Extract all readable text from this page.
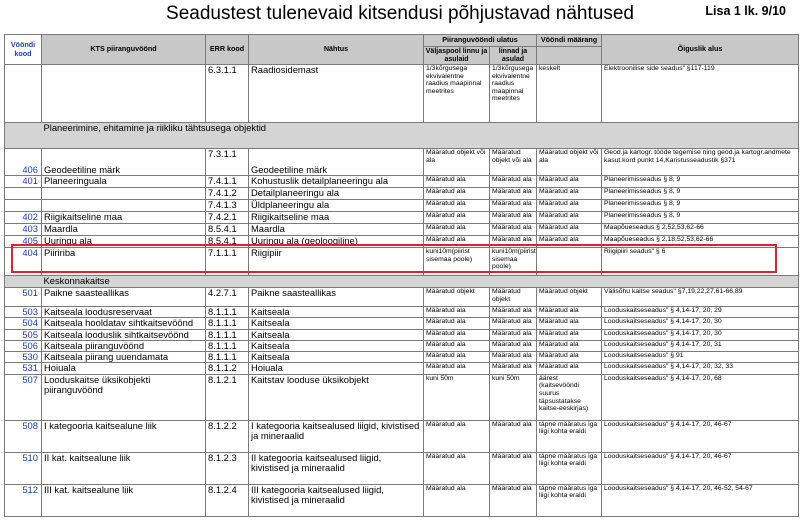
Seadustest tulenevaid kitsendusi põhjustavad nähtused	Lisa 1 lk. 9/10
Vööndi kood	KTS piiranguvöönd	ERR kood	Nähtus	Piiranguvööndi ulatus		Vööndi määrang	Õiguslik alus
				Väljaspool linnu ja asulaid	linnad ja asulad		

		6.3.1.1	Raadiosidemast	1/3kõrgusega ekvivalentne raadius maapinnal meetrites	1/3kõrgusega ekvivalentne raadius maapinnal meetrites	keskelt	Elektroonilise side seadus" §117-119
	Planeerimine, ehitamine ja riikliku tähtsusega objektid						
406	Geodeetiline märk	7.3.1.1	Geodeetiline märk	Määratud objekt või ala	Määratud objekt või ala	Määratud objekt või ala	Geod.ja kartogr. tööde tegemise ning geod.ja kartogr.andmete kasut.kord punkt 14,Karistusseadustik §371
401	Planeeringuala	7.4.1.1	Kohustuslik detailplaneeringu ala	Määratud ala	Määratud ala	Määratud ala	Planeerimisseadus § 8, 9
		7.4.1.2	Detailplaneeringu ala	Määratud ala	Määratud ala	Määratud ala	Planeerimisseadus § 8, 9
		7.4.1.3	Üldplaneeringu ala	Määratud ala	Määratud ala	Määratud ala	Planeerimisseadus § 8, 9
402	Riigikaitseline maa	7.4.2.1	Riigikaitseline maa	Määratud ala	Määratud ala	Määratud ala	Planeerimisseadus § 8, 9
403	Maardla	8.5.4.1	Maardla	Määratud ala	Määratud ala	Määratud ala	Maapõueseadus § 2,52,53,62-66
405	Uuringu ala	8.5.4.1	Uuringu ala (geoloogiline)	Määratud ala	Määratud ala	Määratud ala	Maapõueseadus § 2,18,52,53,62-66
404	Piiririba	7.1.1.1	Riigipiir	kuni10m(piirist sisemaa poole)	kuni10m(piirist sisemaa poole)		Riigipiiri seadus" § 6
	Keskonnakaitse						
501	Paikne saasteallikas	4.2.7.1	Paikne saasteallikas	Määratud objekt	Määratud objekt	Määratud objekt	Välisõhu kaitse seadus" §7,19,22,27,61-66,89
503	Kaitseala loodusreservaat	8.1.1.1	Kaitseala	Määratud ala	Määratud ala	Määratud ala	Looduskaitseseadus" § 4,14-17, 20, 29
504	Kaitseala hooldatav sihtkaitsevöönd	8.1.1.1	Kaitseala	Määratud ala	Määratud ala	Määratud ala	Looduskaitseseadus" § 4,14-17, 20, 30
505	Kaitseala looduslik sihtkaitsevöönd	8.1.1.1	Kaitseala	Määratud ala	Määratud ala	Määratud ala	Looduskaitseseadus" § 4,14-17, 20, 30
506	Kaitseala piiranguvöönd	8.1.1.1	Kaitseala	Määratud ala	Määratud ala	Määratud ala	Looduskaitseseadus" § 4,14-17, 20, 31
530	Kaitseala piirang uuendamata	8.1.1.1	Kaitseala	Määratud ala	Määratud ala	Määratud ala	Looduskaitseseadus" § 91
531	Hoiuala	8.1.1.2	Hoiuala	Määratud ala	Määratud ala	Määratud ala	Looduskaitseseadus" § 4,14-17, 20, 32, 33
507	Looduskaitse üksikobjekti piiranguvöönd	8.1.2.1	Kaitstav looduse üksikobjekt	kuni 50m	kuni 50m	äärest (kaitsevööndi suurus täpsustatakse kaitse-eeskirjas)	Looduskaitseseadus" § 4,14-17, 20, 68
508	I kategooria kaitsealune liik	8.1.2.2	I kategooria kaitsealused liigid, kivistised ja mineraalid	Määratud ala	Määratud ala	täpne määratus iga liigi kohta eraldi	Looduskaitseseadus" § 4,14-17, 20, 46-67
510	II kat. kaitsealune liik	8.1.2.3	II kategooria kaitsealused liigid, kivistised ja mineraalid	Määratud ala	Määratud ala	täpne määratus iga liigi kohta eraldi	Looduskaitseseadus" § 4,14-17, 20, 46-67
512	III kat. kaitsealune liik	8.1.2.4	III kategooria kaitsealused liigid, kivistised ja mineraalid	Määratud ala	Määratud ala	täpne määratus iga liigi kohta eraldi	Looduskaitseseadus" § 4,14-17, 20, 46-52, 54-67
